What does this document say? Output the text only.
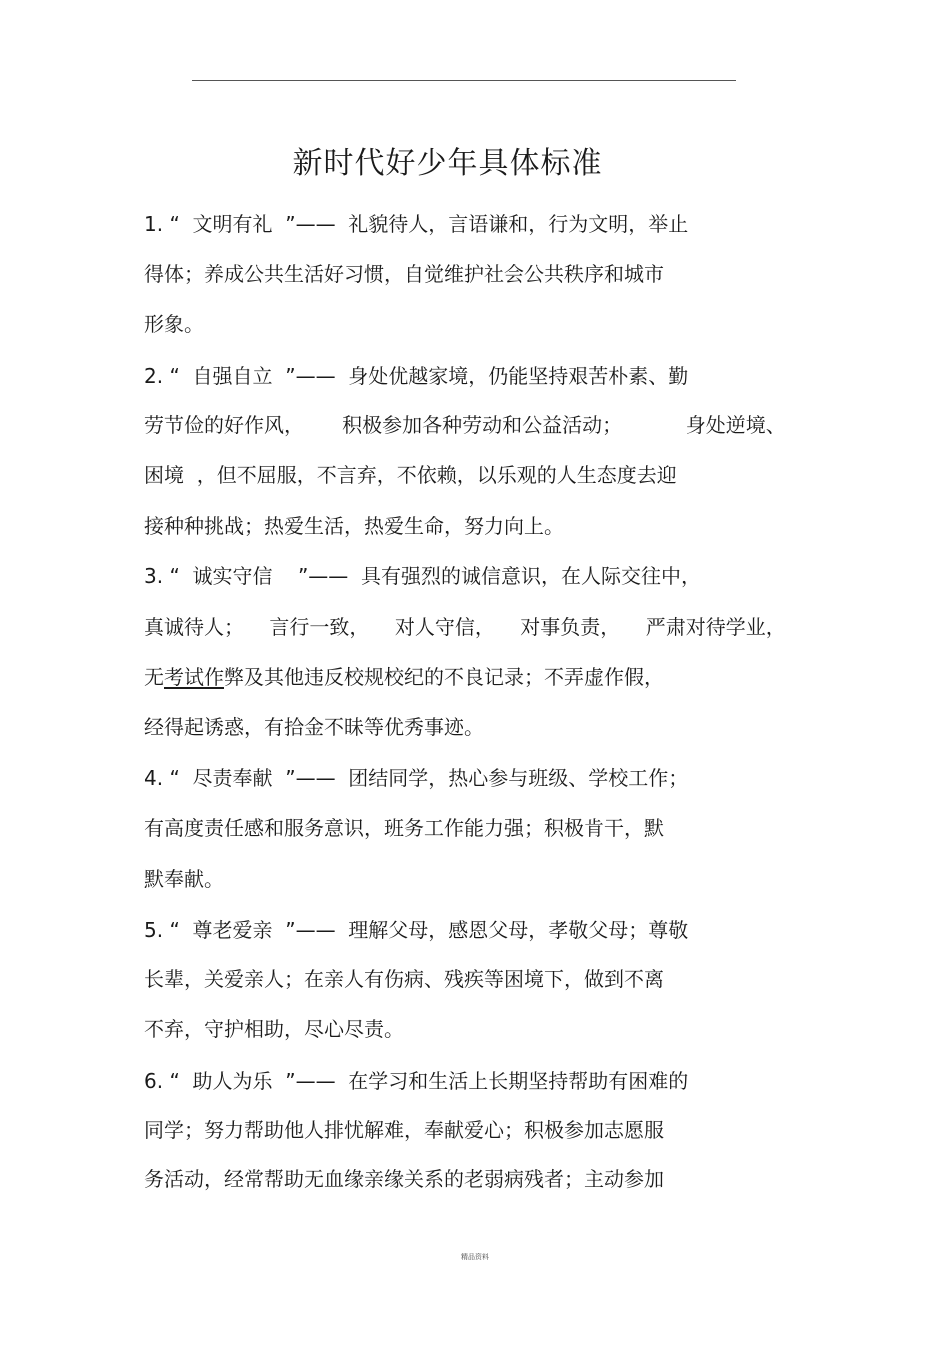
新时代好少年具体标准
1. “  文明有礼  ”——  礼貌待人，言语谦和，行为文明，举止
得体；养成公共生活好习惯，自觉维护社会公共秩序和城市
形象。
2. “  自强自立  ”——  身处优越家境，仍能坚持艰苦朴素、勤
劳节俭的好作风，      积极参加各种劳动和公益活动；          身处逆境、
困境  ，但不屈服，不言弃，不依赖，以乐观的人生态度去迎
接种种挑战；热爱生活，热爱生命，努力向上。
3. “  诚实守信    ”——  具有强烈的诚信意识，在人际交往中，
真诚待人；    言行一致，    对人守信，    对事负责，    严肃对待学业，
无考试作弊及其他违反校规校纪的不良记录；不弄虚作假，
经得起诱惑，有拾金不昧等优秀事迹。
4. “  尽责奉献  ”——  团结同学，热心参与班级、学校工作；
有高度责任感和服务意识，班务工作能力强；积极肯干，默
默奉献。
5. “  尊老爱亲  ”——  理解父母，感恩父母，孝敬父母；尊敬
长辈，关爱亲人；在亲人有伤病、残疾等困境下，做到不离
不弃，守护相助，尽心尽责。
6. “  助人为乐  ”——  在学习和生活上长期坚持帮助有困难的
同学；努力帮助他人排忧解难，奉献爱心；积极参加志愿服
务活动，经常帮助无血缘亲缘关系的老弱病残者；主动参加
精品资料
